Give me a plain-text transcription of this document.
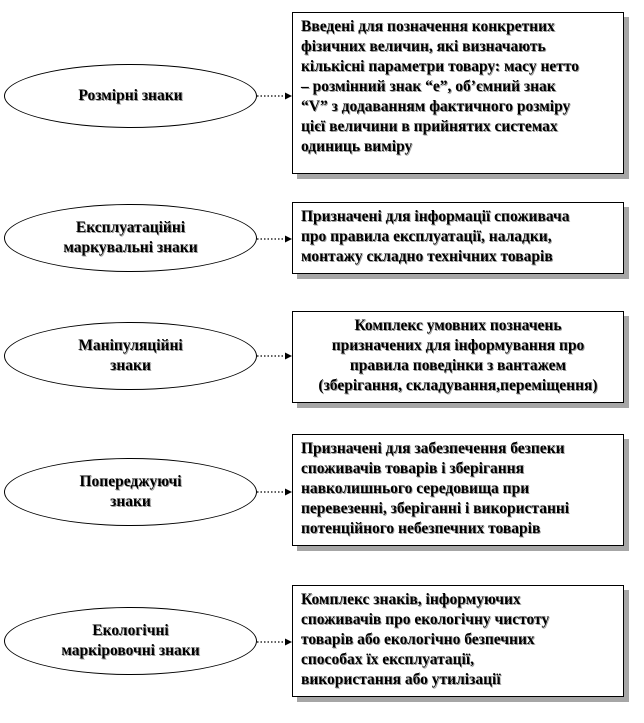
Розмірні знаки
Введені для позначення конкретних
фізичних величин, які визначають
кількісні параметри товару: масу нетто
– розмінний знак “e”, об’ємний знак
“V” з додаванням фактичного розміру
цієї величини в прийнятих системах
одиниць виміру
Експлуатаційні
маркувальні знаки
Призначені для інформації споживача
про правила експлуатації, наладки,
монтажу складно технічних товарів
Маніпуляційні
знаки
Комплекс умовних позначень
призначених для інформування про
правила поведінки з вантажем
(зберігання, складування,переміщення)
Попереджуючі
знаки
Призначені для забезпечення безпеки
споживачів товарів і зберігання
навколишнього середовища при
перевезенні, зберіганні і використанні
потенційного небезпечних товарів
Екологічні
маркіровочні знаки
Комплекс знаків, інформуючих
споживачів про екологічну чистоту
товарів або екологічно безпечних
способах їх експлуатації,
використання або утилізації
